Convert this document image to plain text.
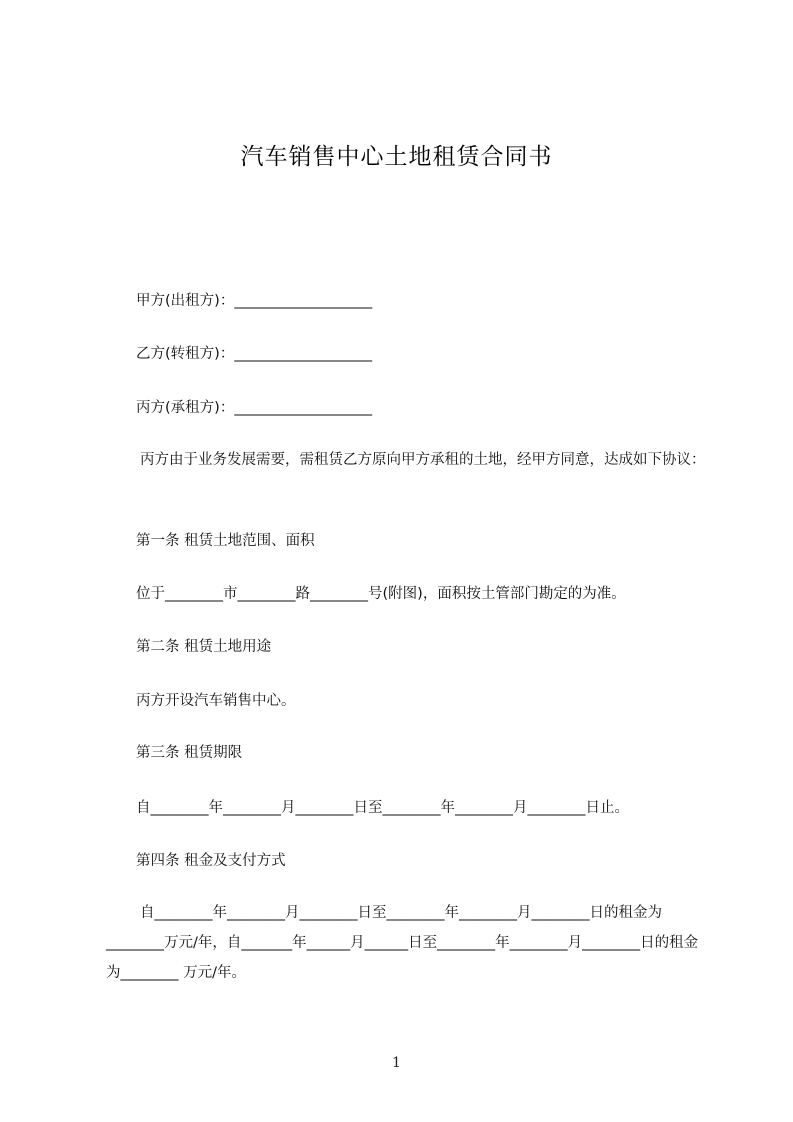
汽车销售中心土地租赁合同书
甲方(出租方)：___________________
乙方(转租方)：___________________
丙方(承租方)：___________________
丙方由于业务发展需要，需租赁乙方原向甲方承租的土地，经甲方同意，达成如下协议：
第一条 租赁土地范围、面积
位于________市________路________号(附图)，面积按土管部门勘定的为准。
第二条 租赁土地用途
丙方开设汽车销售中心。
第三条 租赁期限
自________年________月________日至________年________月________日止。
第四条 租金及支付方式
自________年________月________日至________年________月________日的租金为________万元/年，自_______年______月______日至________年________月________日的租金为________ 万元/年。
1
